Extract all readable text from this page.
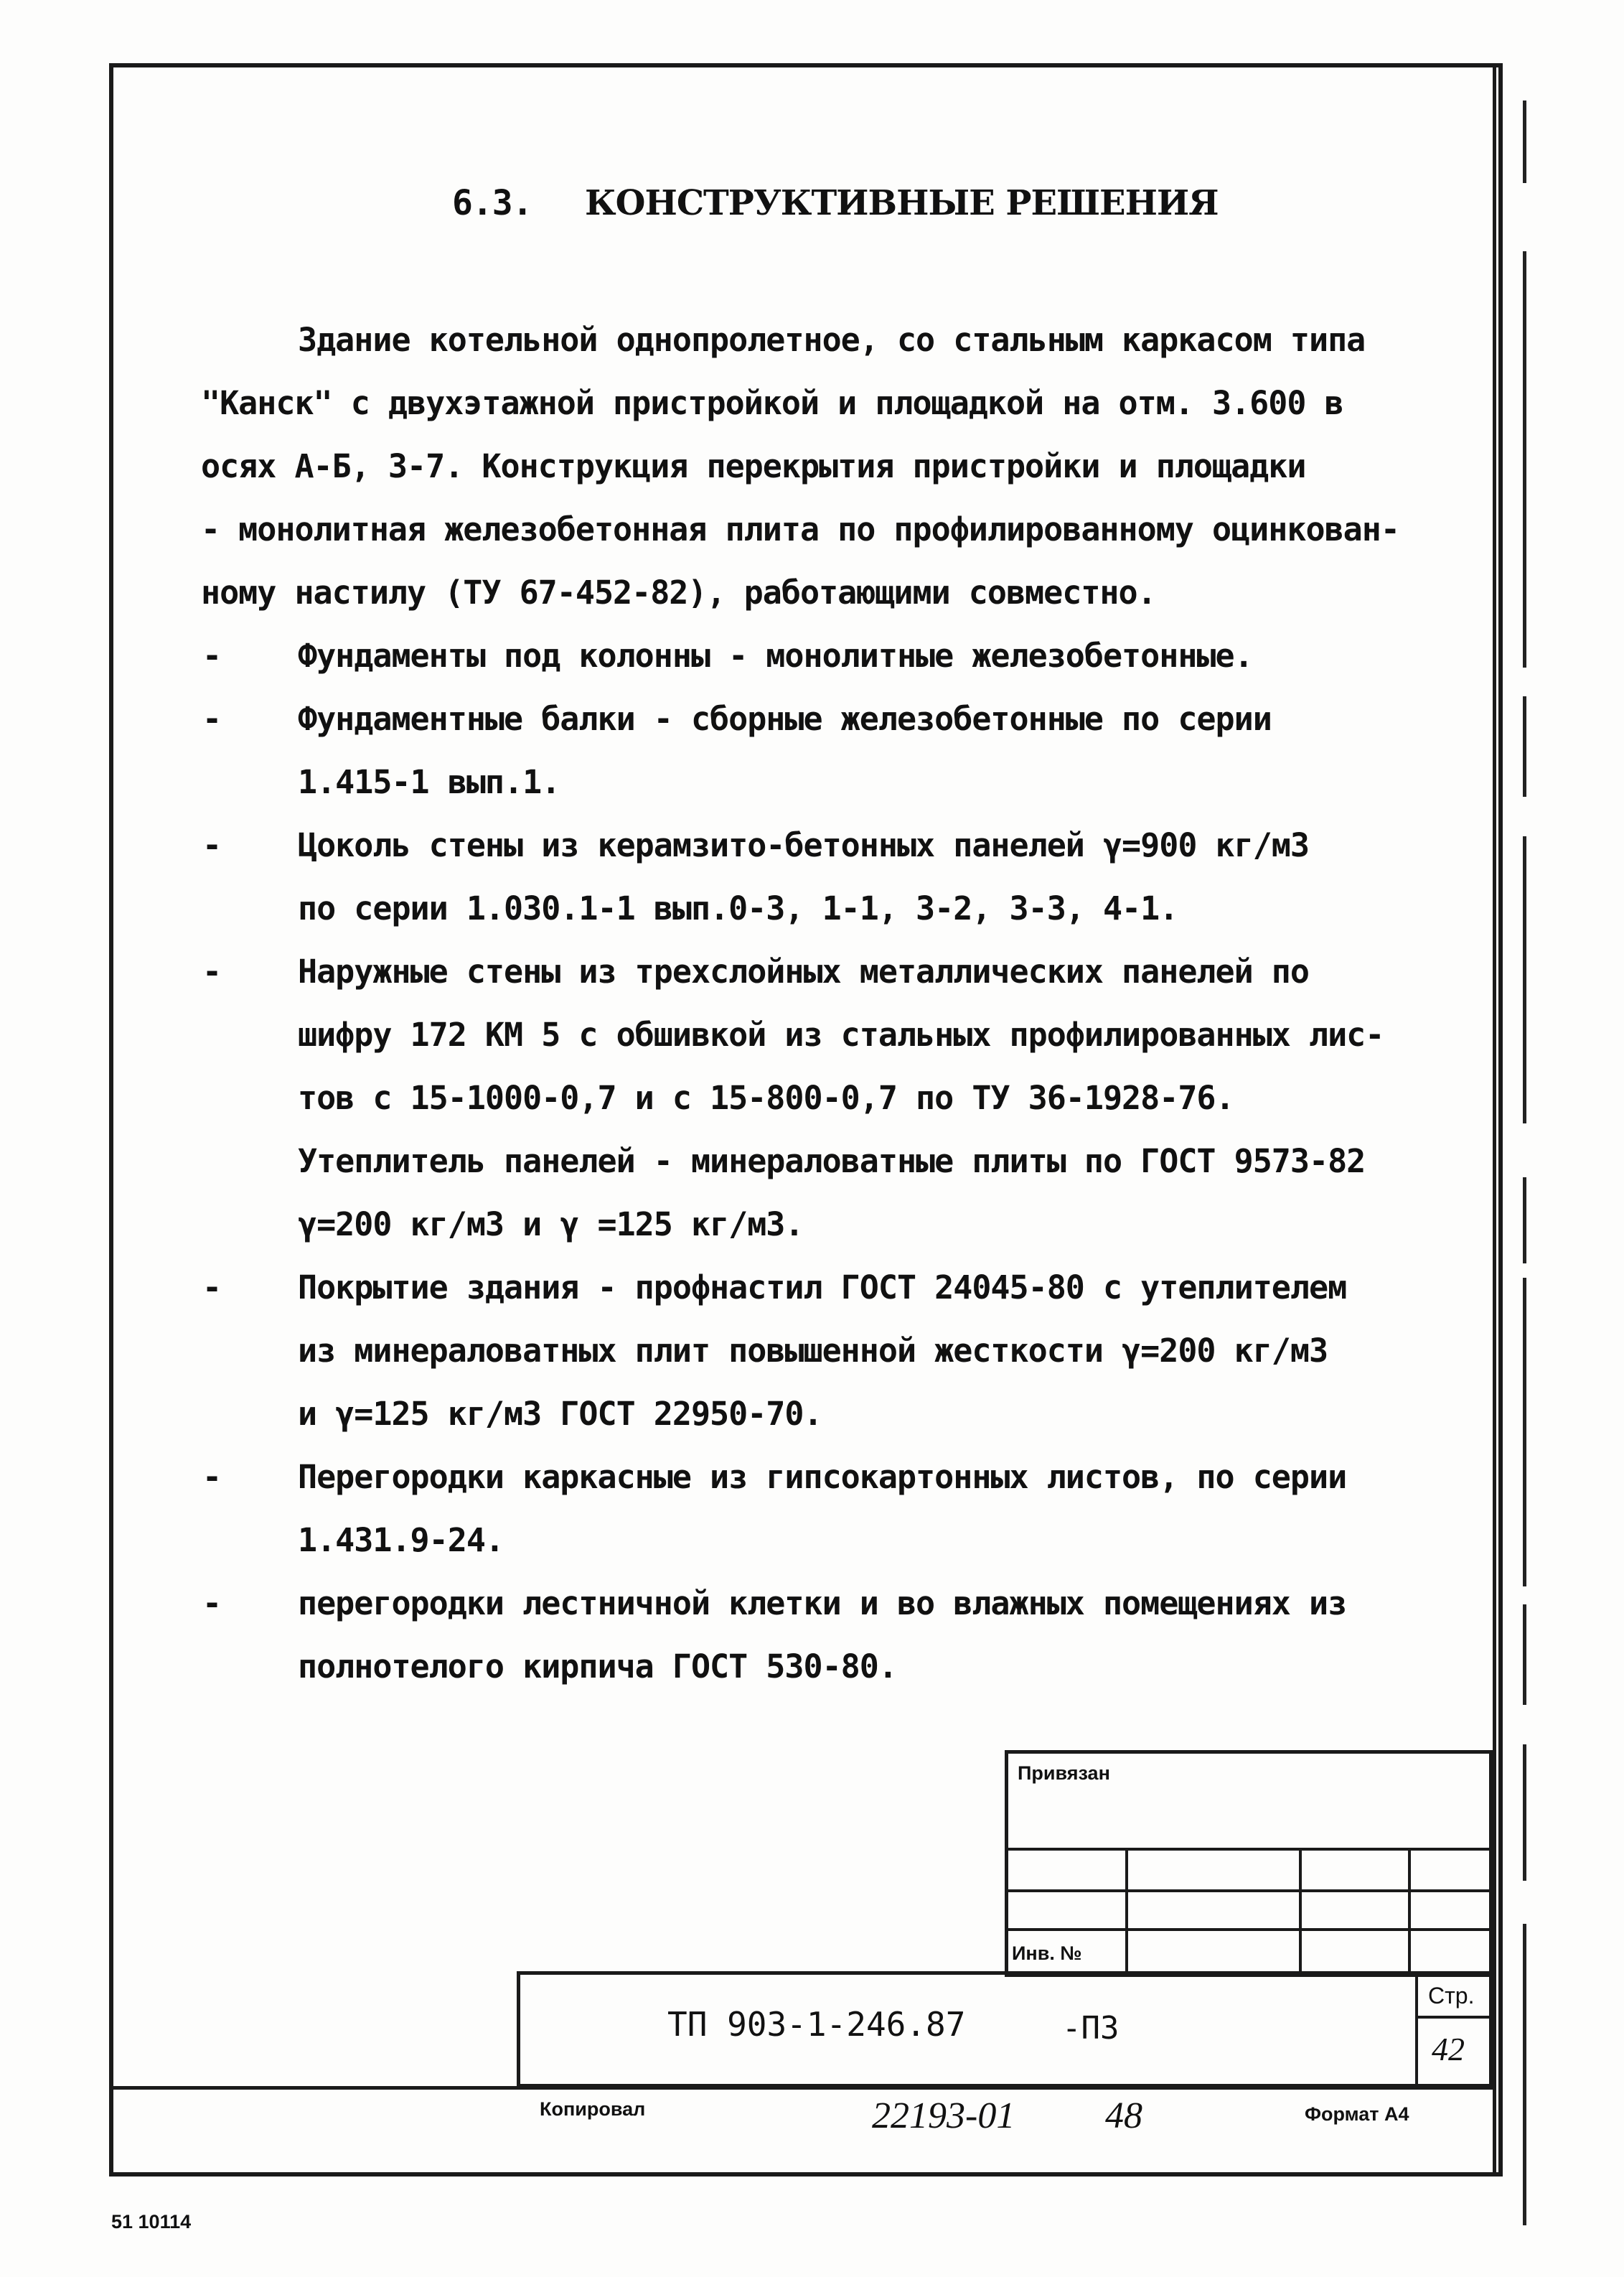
6.3. КОНСТРУКТИВНЫЕ РЕШЕНИЯ
Здание котельной однопролетное, со стальным каркасом типа
"Канск" с двухэтажной пристройкой и площадкой на отм. 3.600 в
осях А-Б, 3-7. Конструкция перекрытия пристройки и площадки
- монолитная железобетонная плита по профилированному оцинкован-
ному настилу (ТУ 67-452-82), работающими совместно.
-	Фундаменты под колонны - монолитные железобетонные.
-	Фундаментные балки - сборные железобетонные по серии
1.415-1 вып.1.
-	Цоколь стены из керамзито-бетонных панелей γ=900 кг/м3
по серии 1.030.1-1 вып.0-3, 1-1, 3-2, 3-3, 4-1.
-	Наружные стены из трехслойных металлических панелей по
шифру 172 КМ 5 с обшивкой из стальных профилированных лис-
тов с 15-1000-0,7 и с 15-800-0,7 по ТУ 36-1928-76.
Утеплитель панелей - минераловатные плиты по ГОСТ 9573-82
γ=200 кг/м3 и γ =125 кг/м3.
-	Покрытие здания - профнастил ГОСТ 24045-80 с утеплителем
из минераловатных плит повышенной жесткости γ=200 кг/м3
и γ=125 кг/м3 ГОСТ 22950-70.
-	Перегородки каркасные из гипсокартонных листов, по серии
1.431.9-24.
-	перегородки лестничной клетки и во влажных помещениях из
полнотелого кирпича ГОСТ 530-80.
Привязан
Инв. №
ТП 903-1-246.87	-ПЗ
Стр.
42
Копировал	22193-01 48	Формат А4
51 10114
